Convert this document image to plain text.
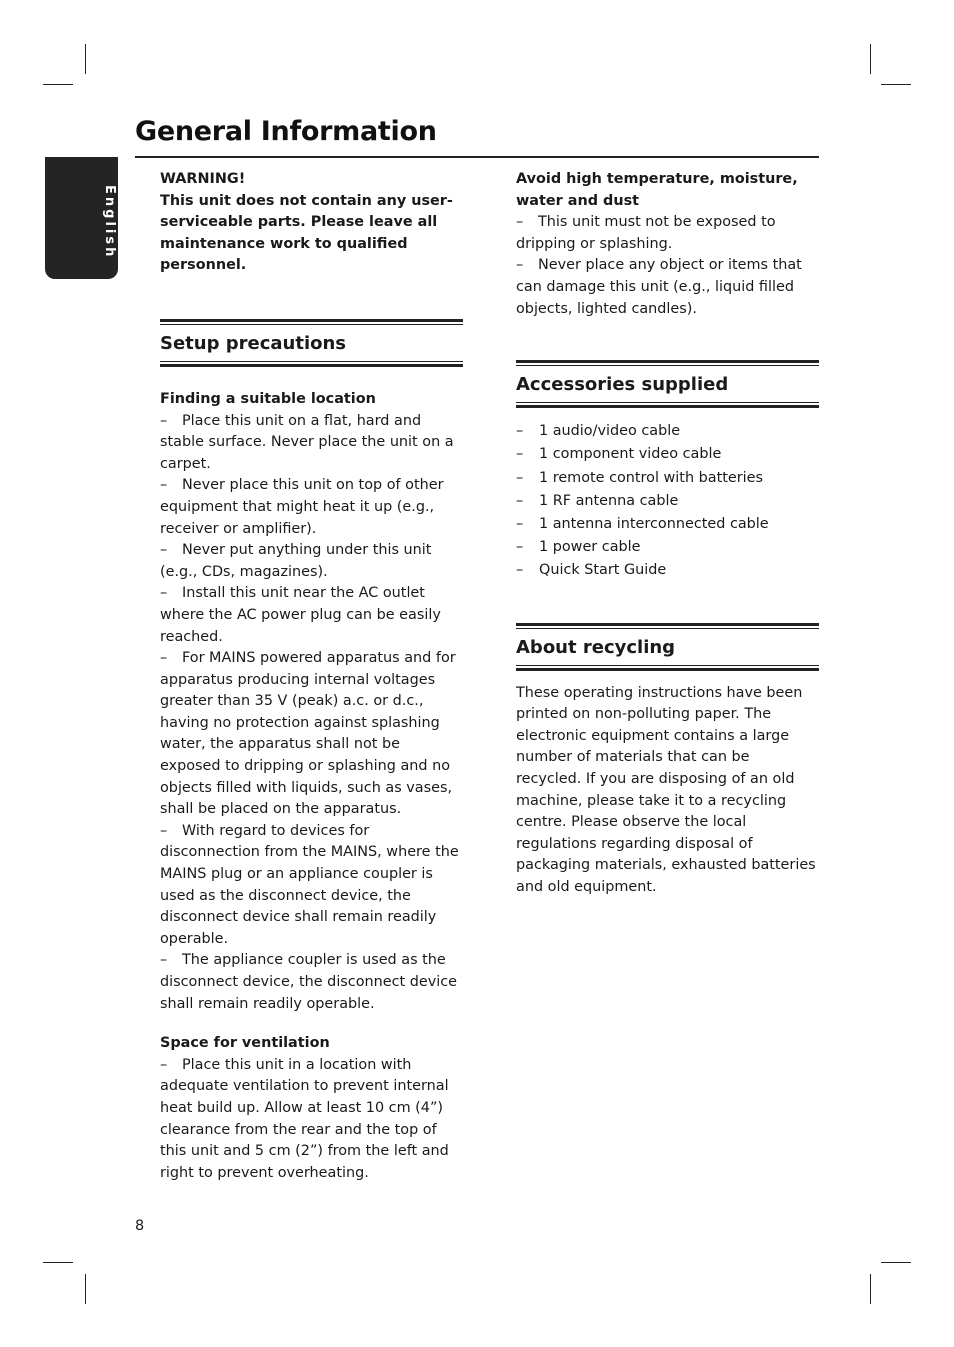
General Information
English

WARNING!

This unit does not contain any user-serviceable parts. Please leave all maintenance work to qualified personnel.

Setup precautions

Finding a suitable location

– Place this unit on a flat, hard and stable surface. Never place the unit on a carpet.

– Never place this unit on top of other equipment that might heat it up (e.g., receiver or amplifier).

– Never put anything under this unit (e.g., CDs, magazines).

– Install this unit near the AC outlet where the AC power plug can be easily reached.

– For MAINS powered apparatus and for apparatus producing internal voltages greater than 35 V (peak) a.c. or d.c., having no protection against splashing water, the apparatus shall not be exposed to dripping or splashing and no objects filled with liquids, such as vases, shall be placed on the apparatus.

– With regard to devices for disconnection from the MAINS, where the MAINS plug or an appliance coupler is used as the disconnect device, the disconnect device shall remain readily operable.

– The appliance coupler is used as the disconnect device, the disconnect device shall remain readily operable.

Space for ventilation

– Place this unit in a location with adequate ventilation to prevent internal heat build up. Allow at least 10 cm (4”) clearance from the rear and the top of this unit and 5 cm (2”) from the left and right to prevent overheating.

Avoid high temperature, moisture, water and dust

– This unit must not be exposed to dripping or splashing.

– Never place any object or items that can damage this unit (e.g., liquid filled objects, lighted candles).

Accessories supplied
– 1 audio/video cable
– 1 component video cable
– 1 remote control with batteries
– 1 RF antenna cable
– 1 antenna interconnected cable
– 1 power cable
– Quick Start Guide
About recycling

These operating instructions have been printed on non-polluting paper. The electronic equipment contains a large number of materials that can be recycled. If you are disposing of an old machine, please take it to a recycling centre. Please observe the local regulations regarding disposal of packaging materials, exhausted batteries and old equipment.

8
